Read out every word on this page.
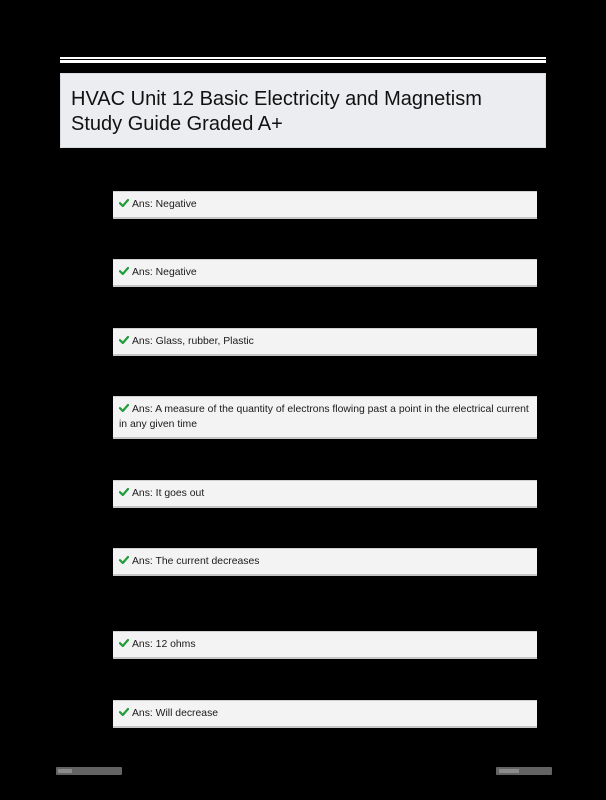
HVAC Unit 12 Basic Electricity and Magnetism
Study Guide Graded A+
Ans: Negative
Ans: Negative
Ans: Glass, rubber, Plastic
Ans: A measure of the quantity of electrons flowing past a point in the electrical current in any given time
Ans: It goes out
Ans: The current decreases
Ans: 12 ohms
Ans: Will decrease
